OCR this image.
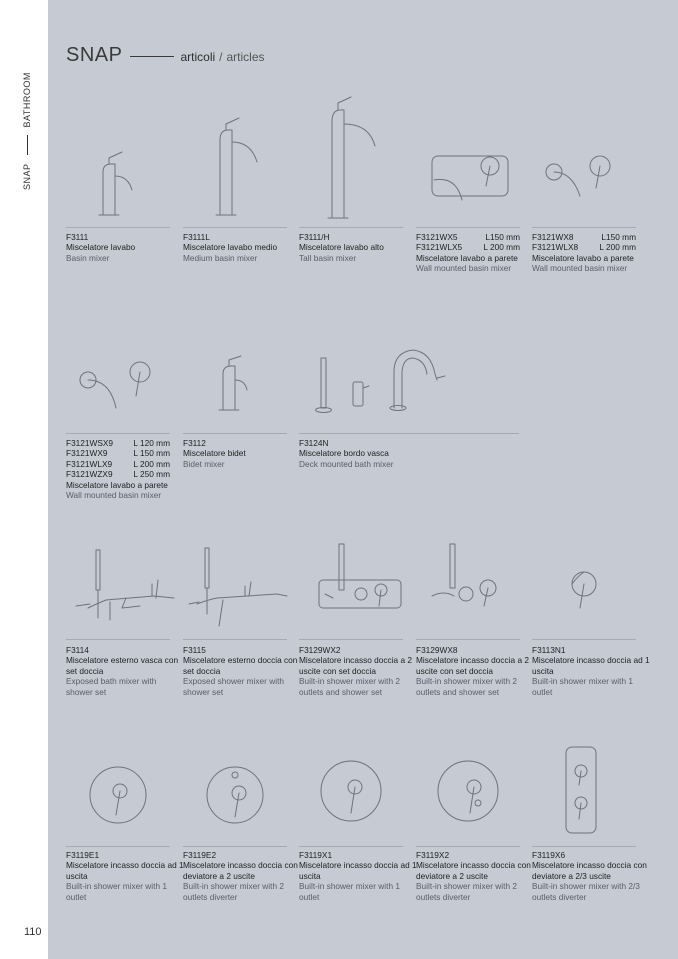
SNAPBATHROOM
110
SNAP	articoli / articles
F3111
Miscelatore lavabo
Basin mixer
F3111L
Miscelatore lavabo medio
Medium basin mixer
F3111/H
Miscelatore lavabo alto
Tall basin mixer
F3121WX5	L150 mm
F3121WLX5	L 200 mm
Miscelatore lavabo a parete
Wall mounted basin mixer
F3121WX8	L150 mm
F3121WLX8	L 200 mm
Miscelatore lavabo a parete
Wall mounted basin mixer
F3121WSX9 L 120 mm
F3121WX9	L 150 mm
F3121WLX9	L 200 mm
F3121WZX9	L 250 mm
Miscelatore lavabo a parete
Wall mounted basin mixer
F3112
Miscelatore bidet
Bidet mixer
F3124N
Miscelatore bordo vasca
Deck mounted bath mixer
F3114
Miscelatore esterno vasca con set doccia
Exposed bath mixer with shower set
F3115
Miscelatore esterno doccia con set doccia
Exposed shower mixer with shower set
F3129WX2
Miscelatore incasso doccia a 2 uscite con set doccia
Built-in shower mixer with 2 outlets and shower set
F3129WX8
Miscelatore incasso doccia a 2 uscite con set doccia
Built-in shower mixer with 2 outlets and shower set
F3113N1
Miscelatore incasso doccia ad 1 uscita
Built-in shower mixer with 1 outlet
F3119E1
Miscelatore incasso doccia ad 1 uscita
Built-in shower mixer with 1 outlet
F3119E2
Miscelatore incasso doccia con deviatore a 2 uscite
Built-in shower mixer with 2 outlets diverter
F3119X1
Miscelatore incasso doccia ad 1 uscita
Built-in shower mixer with 1 outlet
F3119X2
Miscelatore incasso doccia con deviatore a 2 uscite
Built-in shower mixer with 2 outlets diverter
F3119X6
Miscelatore incasso doccia con deviatore a 2/3 uscite
Built-in shower mixer with 2/3 outlets diverter
